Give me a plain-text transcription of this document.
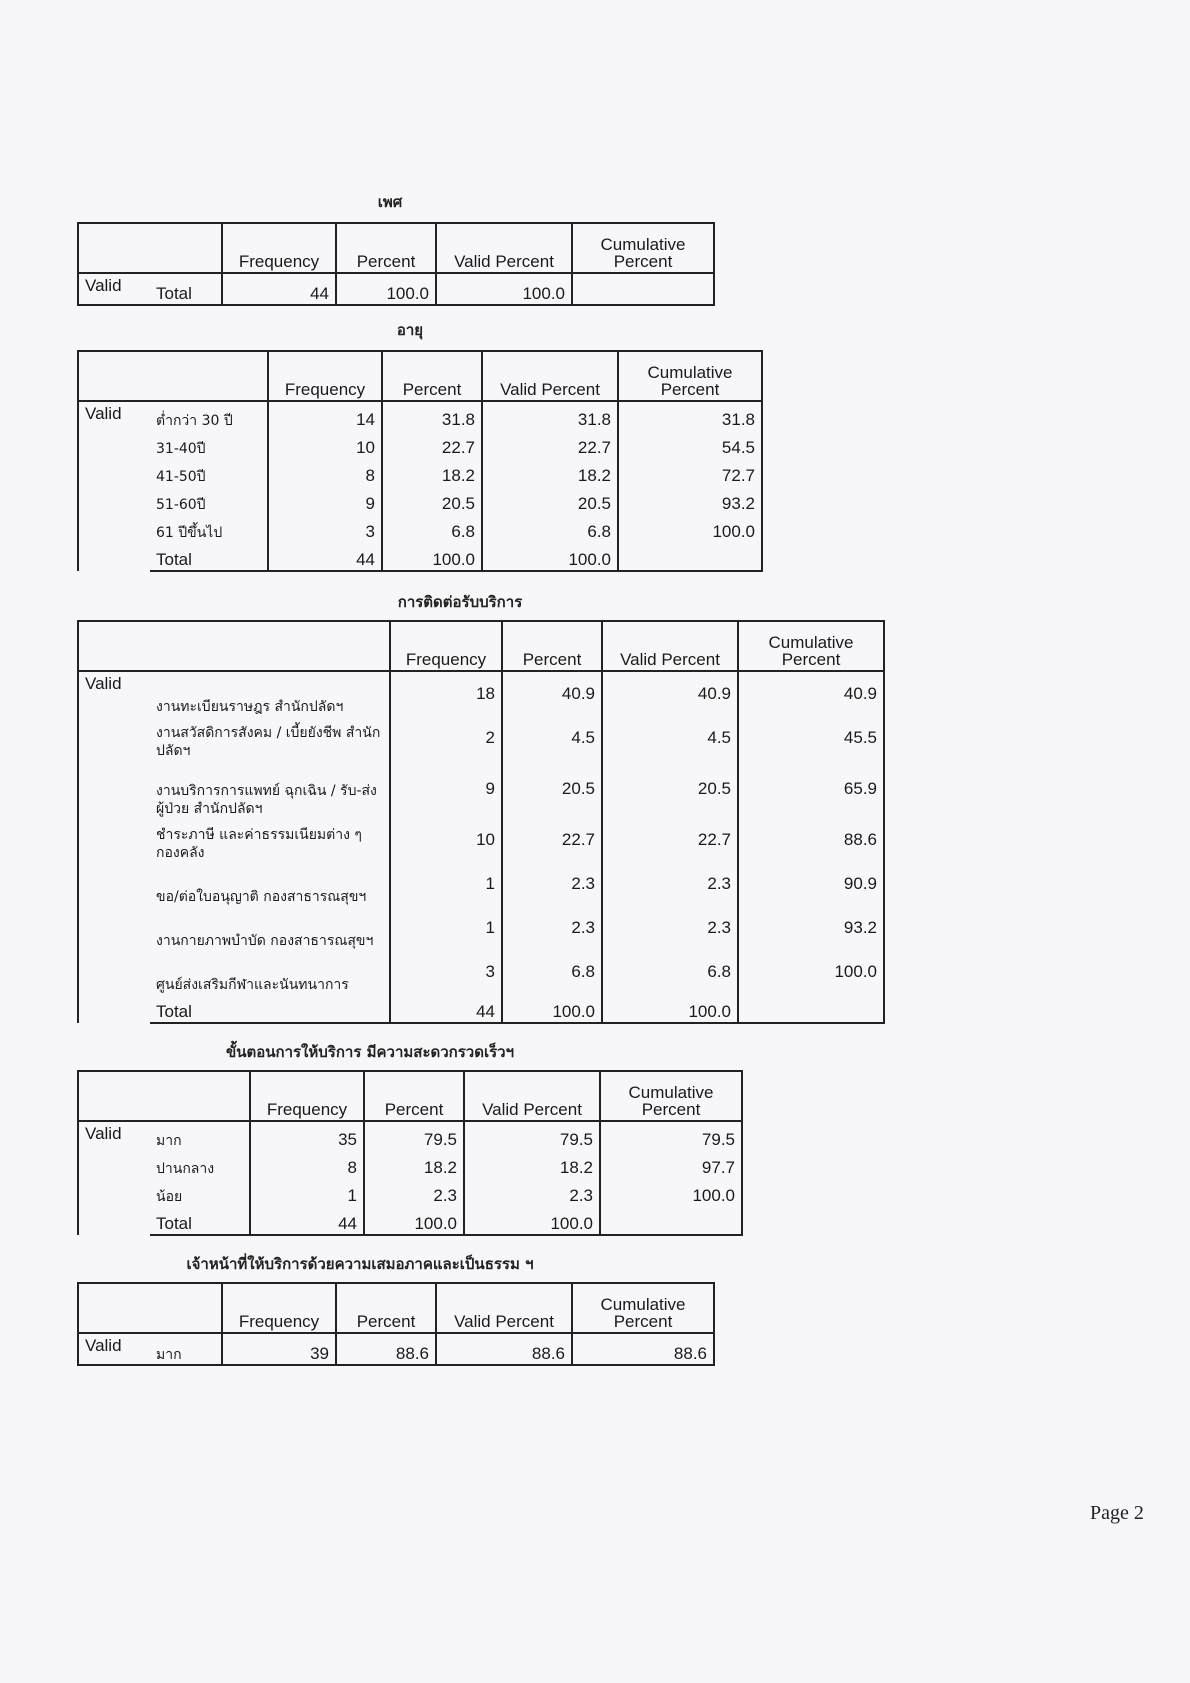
เพศ
		Frequency	Percent	Valid Percent	Cumulative Percent
Valid	Total	44	100.0	100.0	
อายุ
		Frequency	Percent	Valid Percent	Cumulative Percent
Valid	ต่ำกว่า 30 ปี	14	31.8	31.8	31.8
	31-40ปี	10	22.7	22.7	54.5
	41-50ปี	8	18.2	18.2	72.7
	51-60ปี	9	20.5	20.5	93.2
	61 ปีขึ้นไป	3	6.8	6.8	100.0
	Total	44	100.0	100.0	
การติดต่อรับบริการ
		Frequency	Percent	Valid Percent	Cumulative Percent
Valid	งานทะเบียนราษฎร สำนักปลัดฯ	18	40.9	40.9	40.9
	งานสวัสดิการสังคม / เบี้ยยังชีพ สำนักปลัดฯ	2	4.5	4.5	45.5
	งานบริการการแพทย์ ฉุกเฉิน / รับ-ส่ง ผู้ป่วย สำนักปลัดฯ	9	20.5	20.5	65.9
	ชำระภาษี และค่าธรรมเนียมต่าง ๆ กองคลัง	10	22.7	22.7	88.6
	ขอ/ต่อใบอนุญาติ กองสาธารณสุขฯ	1	2.3	2.3	90.9
	งานกายภาพบำบัด กองสาธารณสุขฯ	1	2.3	2.3	93.2
	ศูนย์ส่งเสริมกีฬาและนันทนาการ	3	6.8	6.8	100.0
	Total	44	100.0	100.0	
ขั้นตอนการให้บริการ มีความสะดวกรวดเร็วฯ
		Frequency	Percent	Valid Percent	Cumulative Percent
Valid	มาก	35	79.5	79.5	79.5
	ปานกลาง	8	18.2	18.2	97.7
	น้อย	1	2.3	2.3	100.0
	Total	44	100.0	100.0	
เจ้าหน้าที่ให้บริการด้วยความเสมอภาคและเป็นธรรม ฯ
		Frequency	Percent	Valid Percent	Cumulative Percent
Valid	มาก	39	88.6	88.6	88.6
Page 2
